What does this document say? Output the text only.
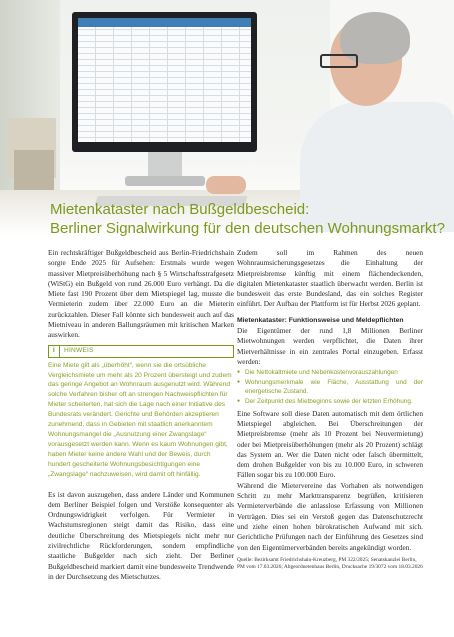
Mietenkataster nach Bußgeldbescheid:
Berliner Signalwirkung für den deutschen Wohnungsmarkt?

Ein rechtskräftiger Bußgeldbescheid aus Berlin-Friedrichshain sorgte Ende 2025 für Aufsehen: Erstmals wurde wegen massiver Mietpreisüberhöhung nach § 5 Wirtschaftsstrafgesetz (WiStG) ein Bußgeld von rund 26.000 Euro verhängt. Da die Miete fast 190 Prozent über dem Mietspiegel lag, musste die Vermieterin zudem über 22.000 Euro an die Mieterin zurückzahlen. Dieser Fall könnte sich bundesweit auch auf das Mietniveau in anderen Ballungsräumen mit kritischen Marken auswirken.

i	HINWEIS
Eine Miete gilt als „überhöht“, wenn sie die ortsübliche Vergleichsmiete um mehr als 20 Prozent übersteigt und zudem das geringe Angebot an Wohnraum ausgenutzt wird. Während solche Verfahren bisher oft an strengen Nachweispflichten für Mieter scheiterten, hat sich die Lage nach einer Initiative des Bundesrats verändert. Gerichte und Behörden akzeptieren zunehmend, dass in Gebieten mit staatlich anerkanntem Wohnungsmangel die „Ausnutzung einer Zwangslage“ vorausgesetzt werden kann. Wenn es kaum Wohnungen gibt, haben Mieter keine andere Wahl und der Beweis, durch hundert gescheiterte Wohnungsbesichtigungen eine „Zwangslage“ nachzuweisen, wird damit oft hinfällig.

Es ist davon auszugehen, dass andere Länder und Kommunen dem Berliner Beispiel folgen und Verstöße konsequenter als Ordnungswidrigkeit verfolgen. Für Vermieter in Wachstumsregionen steigt damit das Risiko, dass eine deutliche Überschreitung des Mietspiegels nicht mehr nur zivilrechtliche Rückforderungen, sondern empfindliche staatliche Bußgelder nach sich zieht. Der Berliner Bußgeldbescheid markiert damit eine bundesweite Trendwende in der Durchsetzung des Mietschutzes.

Zudem soll im Rahmen des neuen Wohnraumsicherungsgesetzes die Einhaltung der Mietpreisbremse künftig mit einem flächendeckenden, digitalen Mietenkataster staatlich überwacht werden. Berlin ist bundesweit das erste Bundesland, das ein solches Register einführt. Der Aufbau der Plattform ist für Herbst 2026 geplant.

Mietenkataster: Funktionsweise und Meldepflichten

Die Eigentümer der rund 1,8 Millionen Berliner Mietwohnungen werden verpflichtet, die Daten ihrer Mietverhältnisse in ein zentrales Portal einzugeben. Erfasst werden:

● Die Nettokaltmiete und Nebenkostenvorauszahlungen
● Wohnungsmerkmale wie Fläche, Ausstattung und der energetische Zustand.
● Der Zeitpunkt des Mietbeginns sowie der letzten Erhöhung.

Eine Software soll diese Daten automatisch mit dem örtlichen Mietspiegel abgleichen. Bei Überschreitungen der Mietpreisbremse (mehr als 10 Prozent bei Neuvermietung) oder bei Mietpreisüberhöhungen (mehr als 20 Prozent) schlägt das System an. Wer die Daten nicht oder falsch übermittelt, dem drohen Bußgelder von bis zu 10.000 Euro, in schweren Fällen sogar bis zu 100.000 Euro.

Während die Mietervereine das Vorhaben als notwendigen Schritt zu mehr Markttransparenz begrüßen, kritisieren Vermieterverbände die anlasslose Erfassung von Millionen Verträgen. Dies sei ein Verstoß gegen das Datenschutzrecht und ziehe einen hohen bürokratischen Aufwand mit sich. Gerichtliche Prüfungen nach der Einführung des Gesetzes sind von den Eigentümerverbänden bereits angekündigt worden.

Quelle: Bezirksamt Friedrichshain-Kreuzberg, PM 322/2025; Senatskanzlei Berlin, PM vom 17.03.2026; Abgeordnetenhaus Berlin, Drucksache 19/3072 vom 18.03.2026
